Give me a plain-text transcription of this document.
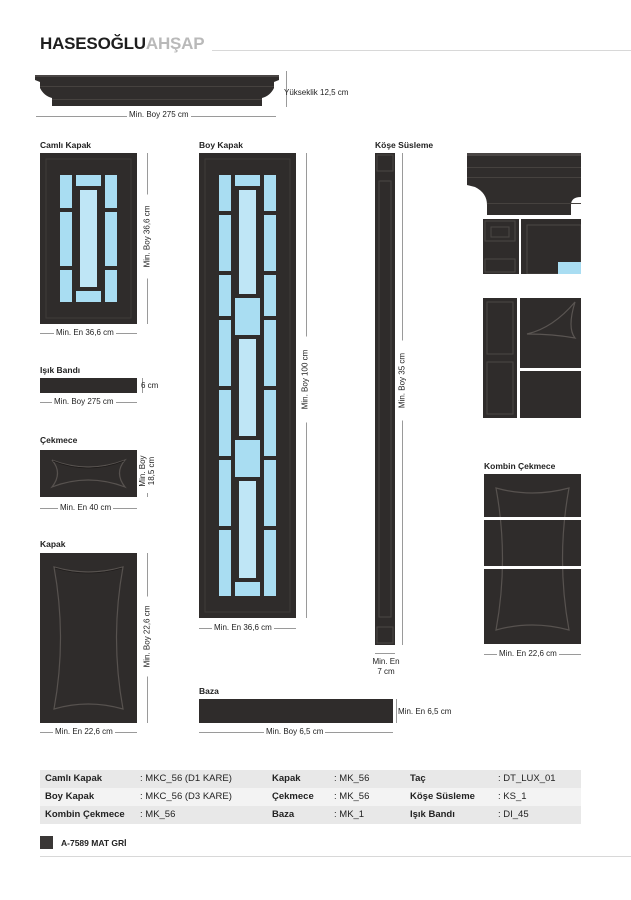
HASESOĞLUAHŞAP
Yükseklik 12,5 cm
Min. Boy 275 cm
Camlı Kapak
Min. Boy 36,6 cm
Min. En 36,6 cm
Işık Bandı
6 cm
Min. Boy 275 cm
Çekmece
Min. Boy 18,5 cm
Min. En 40 cm
Kapak
Min. Boy 22,6 cm
Min. En 22,6 cm
Boy Kapak
Min. Boy 100 cm
Min. En 36,6 cm
Baza
Min. En 6,5 cm
Min. Boy 6,5 cm
Köşe Süsleme
Min. Boy 35 cm
Min. En
7 cm
Kombin Çekmece
Min. En 22,6 cm
Camlı Kapak	: MKC_56 (D1 KARE)	Kapak	: MK_56	Taç	: DT_LUX_01
Boy Kapak	: MKC_56 (D3 KARE)	Çekmece : MK_56	Köşe Süsleme : KS_1
Kombin Çekmece : MK_56	Baza	: MK_1	Işık Bandı	: DI_45
A-7589 MAT GRİ
